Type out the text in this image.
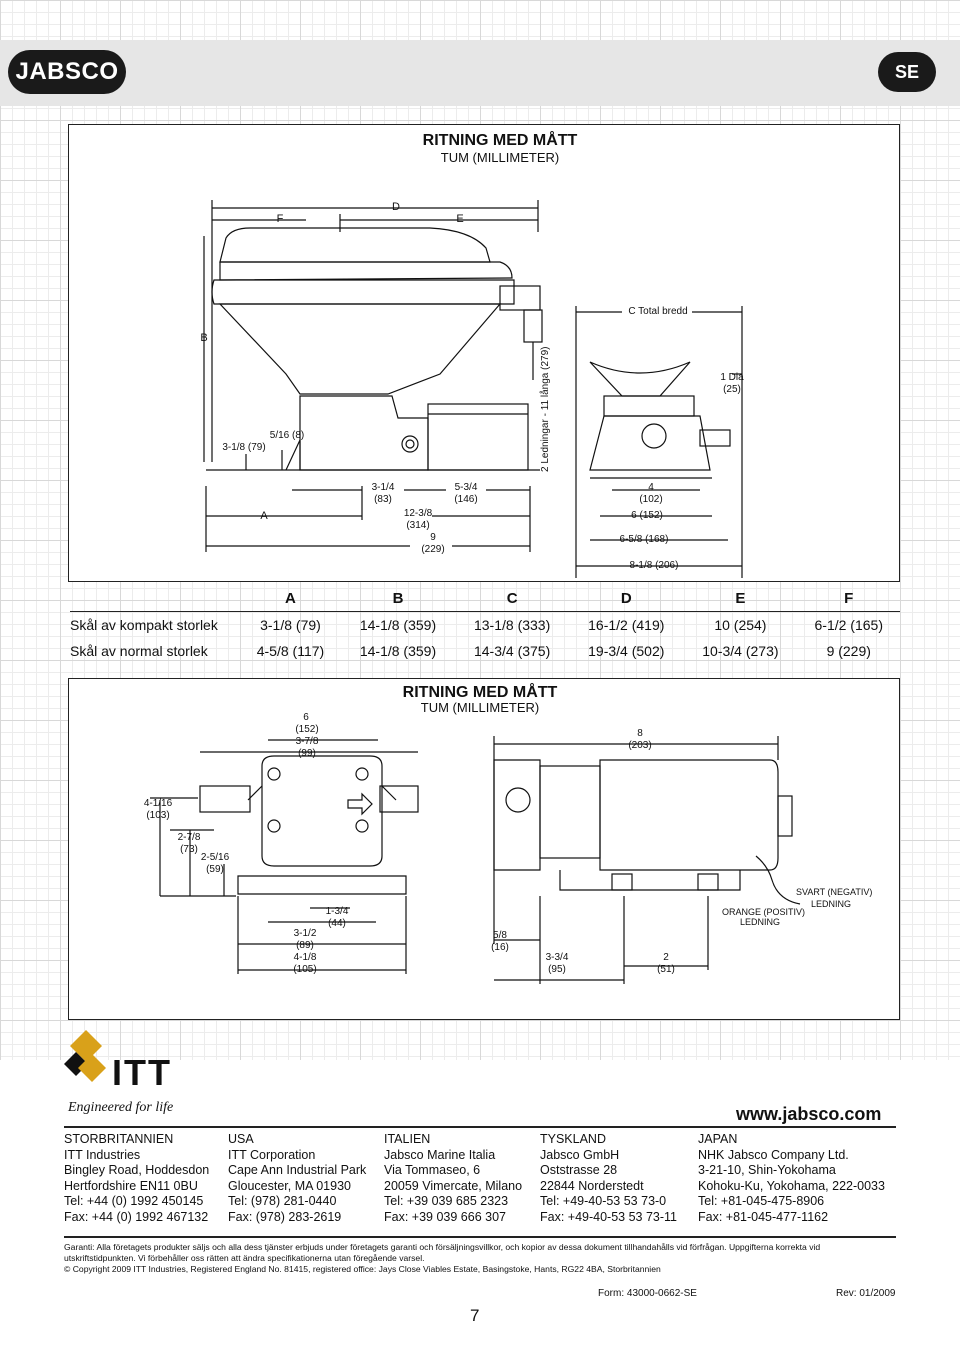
JABSCO	SE
RITNING MED MÅTT
TUM (MILLIMETER)
F
D
E
B
3-1/8 (79)
5/16 (8)	2 Ledningar - 11 långa (279)
C Total bredd
1 Dia
(25)
A
3-1/4
(83)
5-3/4
(146)
12-3/8
(314)
9
(229)
4
(102)
6 (152)
6-5/8 (168)
8-1/8 (206)
	A	B	C	D	E	F
Skål av kompakt storlek	3-1/8 (79)	14-1/8 (359)	13-1/8 (333)	16-1/2 (419)	10 (254)	6-1/2 (165)
Skål av normal storlek	4-5/8 (117)	14-1/8 (359)	14-3/4 (375)	19-3/4 (502)	10-3/4 (273)	9 (229)
RITNING MED MÅTT
TUM (MILLIMETER)
6
(152)
3-7/8
(99)
8
(203)
4-1/16
(103)
2-7/8
(73)
2-5/16
(59)
1-3/4
(44)
3-1/2
(89)
4-1/8
(105)
5/8
(16)
3-3/4
(95)
2
(51)
ORANGE (POSITIV)
LEDNING
SVART (NEGATIV)
LEDNING
ITT
Engineered for life	www.jabsco.com
STORBRITANNIEN
ITT Industries
Bingley Road, Hoddesdon
Hertfordshire EN11 0BU
Tel: +44 (0) 1992 450145
Fax: +44 (0) 1992 467132
USA
ITT Corporation
Cape Ann Industrial Park
Gloucester, MA 01930
Tel: (978) 281-0440
Fax: (978) 283-2619
ITALIEN
Jabsco Marine Italia
Via Tommaseo, 6
20059 Vimercate, Milano
Tel: +39 039 685 2323
Fax: +39 039 666 307
TYSKLAND
Jabsco GmbH
Oststrasse 28
22844 Norderstedt
Tel: +49-40-53 53 73-0
Fax: +49-40-53 53 73-11
JAPAN
NHK Jabsco Company Ltd.
3-21-10, Shin-Yokohama
Kohoku-Ku, Yokohama, 222-0033
Tel: +81-045-475-8906
Fax: +81-045-477-1162
Garanti: Alla företagets produkter säljs och alla dess tjänster erbjuds under företagets garanti och försäljningsvillkor, och kopior av dessa dokument tillhandahålls vid förfrågan. Uppgifterna korrekta vid utskriftstidpunkten. Vi förbehåller oss rätten att ändra specifikationerna utan föregående varsel.
© Copyright 2009 ITT Industries, Registered England No. 81415, registered office: Jays Close Viables Estate, Basingstoke, Hants, RG22 4BA, Storbritannien
Form: 43000-0662-SE	Rev: 01/2009
7
